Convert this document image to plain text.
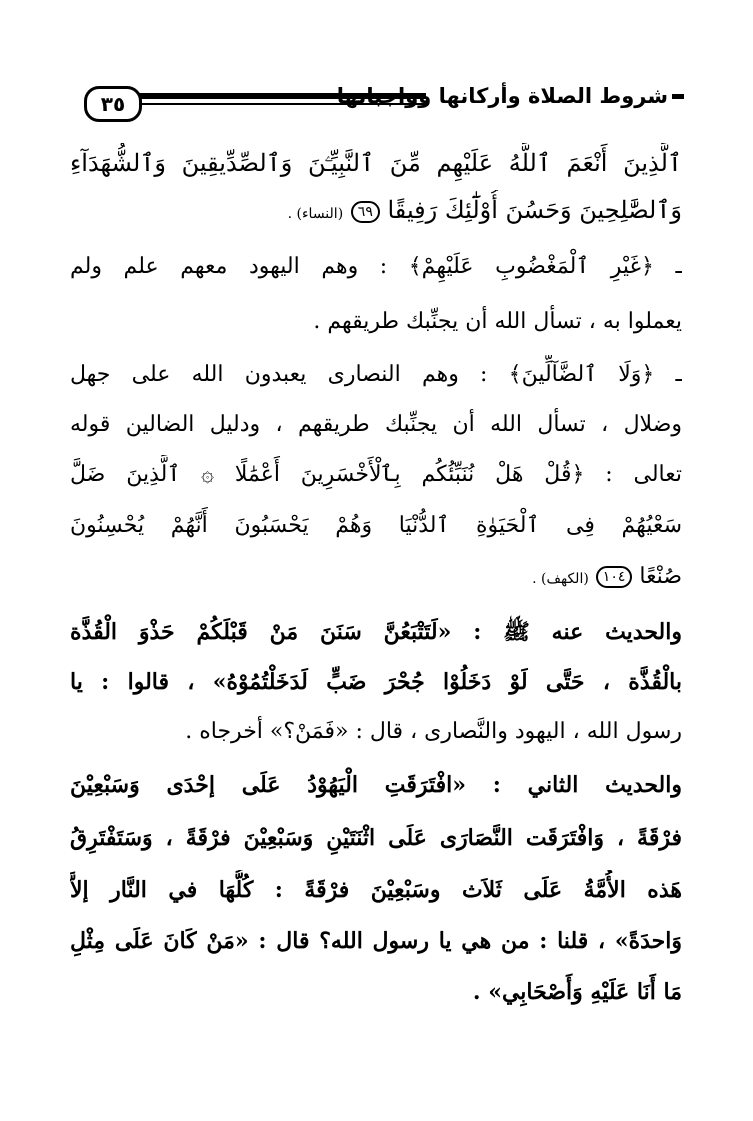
٣٥	شروط الصلاة وأركانها وواجباتها
ٱلَّذِينَ أَنْعَمَ ٱللَّهُ عَلَيْهِم مِّنَ ٱلنَّبِيِّـۧنَ وَٱلصِّدِّيقِينَ وَٱلشُّهَدَآءِ
وَٱلصَّٰلِحِينَ وَحَسُنَ أُوْلَٰٓئِكَ رَفِيقًا ٦٩ (النساء) .
ـ ﴿غَيْرِ ٱلْمَغْضُوبِ عَلَيْهِمْ﴾ : وهم اليهود معهم علم ولم
يعملوا به ، تسأل الله أن يجنِّبك طريقهم .
ـ ﴿وَلَا ٱلضَّآلِّينَ﴾ : وهم النصارى يعبدون الله على جهل
وضلال ، تسأل الله أن يجنِّبك طريقهم ، ودليل الضالين قوله
تعالى : ﴿قُلْ هَلْ نُنَبِّئُكُم بِٱلْأَخْسَرِينَ أَعْمَٰلًا ۞ ٱلَّذِينَ ضَلَّ
سَعْيُهُمْ فِى ٱلْحَيَوٰةِ ٱلدُّنْيَا وَهُمْ يَحْسَبُونَ أَنَّهُمْ يُحْسِنُونَ
صُنْعًا ١٠٤ (الكهف) .
والحديث عنه ﷺ : «لَتَتْبَعُنَّ سَنَنَ مَنْ قَبْلَكُمْ حَذْوَ الْقُذَّة
بالْقُذَّة ، حَتَّى لَوْ دَخَلُوْا جُحْرَ ضَبٍّ لَدَخَلْتُمُوْهُ» ، قالوا : يا
رسول الله ، اليهود والنَّصارى ، قال : «فَمَنْ؟» أخرجاه .
والحديث الثاني : «افْتَرَقَتِ الْيَهُوْدُ عَلَى إحْدَى وَسَبْعِيْنَ
فرْقَةً ، وَافْتَرَقَت النَّصَارَى عَلَى اثْنَتَيْنِ وَسَبْعِيْنَ فرْقَةً ، وَسَتَفْتَرِقُ
هَذه الأُمَّةُ عَلَى ثَلاَث وسَبْعِيْنَ فرْقَةً : كُلُّهَا في النَّار إلاَّ
وَاحدَةً» ، قلنا : من هي يا رسول الله؟ قال : «مَنْ كَانَ عَلَى مِثْلِ
مَا أَنَا عَلَيْهِ وَأَصْحَابِي» .
